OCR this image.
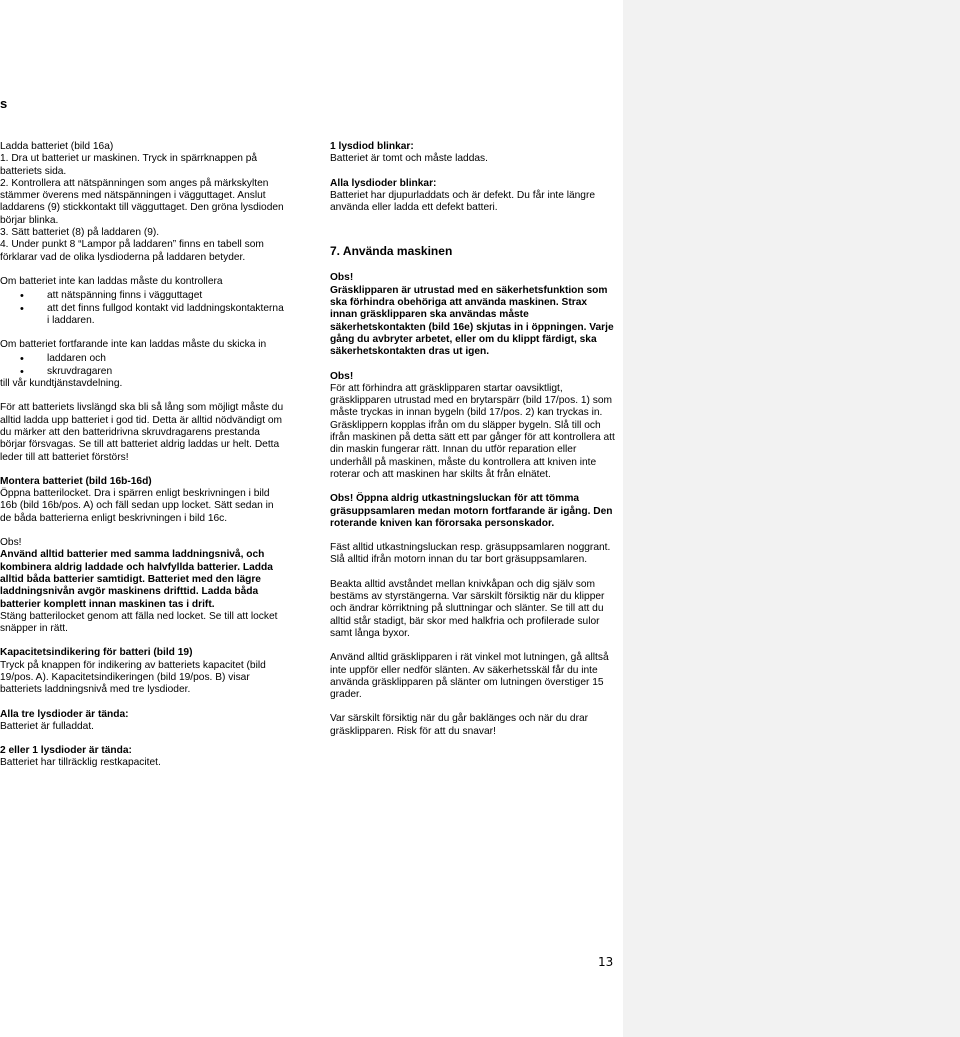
s

Ladda batteriet (bild 16a)

1. Dra ut batteriet ur maskinen. Tryck in spärrknappen på batteriets sida.

2. Kontrollera att nätspänningen som anges på märkskylten stämmer överens med nätspänningen i vägguttaget. Anslut laddarens (9) stickkontakt till vägguttaget. Den gröna lysdioden börjar blinka.

3. Sätt batteriet (8) på laddaren (9).

4. Under punkt 8 “Lampor på laddaren” finns en tabell som förklarar vad de olika lysdioderna på laddaren betyder.

Om batteriet inte kan laddas måste du kontrollera

• att nätspänning finns i vägguttaget
• att det finns fullgod kontakt vid laddningskontakterna i laddaren.

Om batteriet fortfarande inte kan laddas måste du skicka in

• laddaren och
• skruvdragaren

till vår kundtjänstavdelning.

För att batteriets livslängd ska bli så lång som möjligt måste du alltid ladda upp batteriet i god tid. Detta är alltid nödvändigt om du märker att den batteridrivna skruvdragarens prestanda börjar försvagas. Se till att batteriet aldrig laddas ur helt. Detta leder till att batteriet förstörs!

Montera batteriet (bild 16b-16d)

Öppna batterilocket. Dra i spärren enligt beskrivningen i bild 16b (bild 16b/pos. A) och fäll sedan upp locket. Sätt sedan in de båda batterierna enligt beskrivningen i bild 16c.

Obs!

Använd alltid batterier med samma laddningsnivå, och kombinera aldrig laddade och halvfyllda batterier. Ladda alltid båda batterier samtidigt. Batteriet med den lägre laddningsnivån avgör maskinens drifttid. Ladda båda batterier komplett innan maskinen tas i drift.

Stäng batterilocket genom att fälla ned locket. Se till att locket snäpper in rätt.

Kapacitetsindikering för batteri (bild 19)

Tryck på knappen för indikering av batteriets kapacitet (bild 19/pos. A). Kapacitetsindikeringen (bild 19/pos. B) visar batteriets laddningsnivå med tre lysdioder.

Alla tre lysdioder är tända:

Batteriet är fulladdat.

2 eller 1 lysdioder är tända:

Batteriet har tillräcklig restkapacitet.

1 lysdiod blinkar:

Batteriet är tomt och måste laddas.

Alla lysdioder blinkar:

Batteriet har djupurladdats och är defekt. Du får inte längre använda eller ladda ett defekt batteri.

7. Använda maskinen

Obs!

Gräsklipparen är utrustad med en säkerhetsfunktion som ska förhindra obehöriga att använda maskinen. Strax innan gräsklipparen ska användas måste säkerhetskontakten (bild 16e) skjutas in i öppningen. Varje gång du avbryter arbetet, eller om du klippt färdigt, ska säkerhetskontakten dras ut igen.

Obs!

För att förhindra att gräsklipparen startar oavsiktligt, gräsklipparen utrustad med en brytarspärr (bild 17/pos. 1) som måste tryckas in innan bygeln (bild 17/pos. 2) kan tryckas in. Gräsklippern kopplas ifrån om du släpper bygeln. Slå till och ifrån maskinen på detta sätt ett par gånger för att kontrollera att din maskin fungerar rätt. Innan du utför reparation eller underhåll på maskinen, måste du kontrollera att kniven inte roterar och att maskinen har skilts åt från elnätet.

Obs! Öppna aldrig utkastningsluckan för att tömma gräsuppsamlaren medan motorn fortfarande är igång. Den roterande kniven kan förorsaka personskador.

Fäst alltid utkastningsluckan resp. gräsuppsamlaren noggrant. Slå alltid ifrån motorn innan du tar bort gräsuppsamlaren.

Beakta alltid avståndet mellan knivkåpan och dig själv som bestäms av styrstängerna. Var särskilt försiktig när du klipper och ändrar körriktning på sluttningar och slänter. Se till att du alltid står stadigt, bär skor med halkfria och profilerade sulor samt långa byxor.

Använd alltid gräsklipparen i rät vinkel mot lutningen, gå alltså inte uppför eller nedför slänten. Av säkerhetsskäl får du inte använda gräsklipparen på slänter om lutningen överstiger 15 grader.

Var särskilt försiktig när du går baklänges och när du drar gräsklipparen. Risk för att du snavar!

13
